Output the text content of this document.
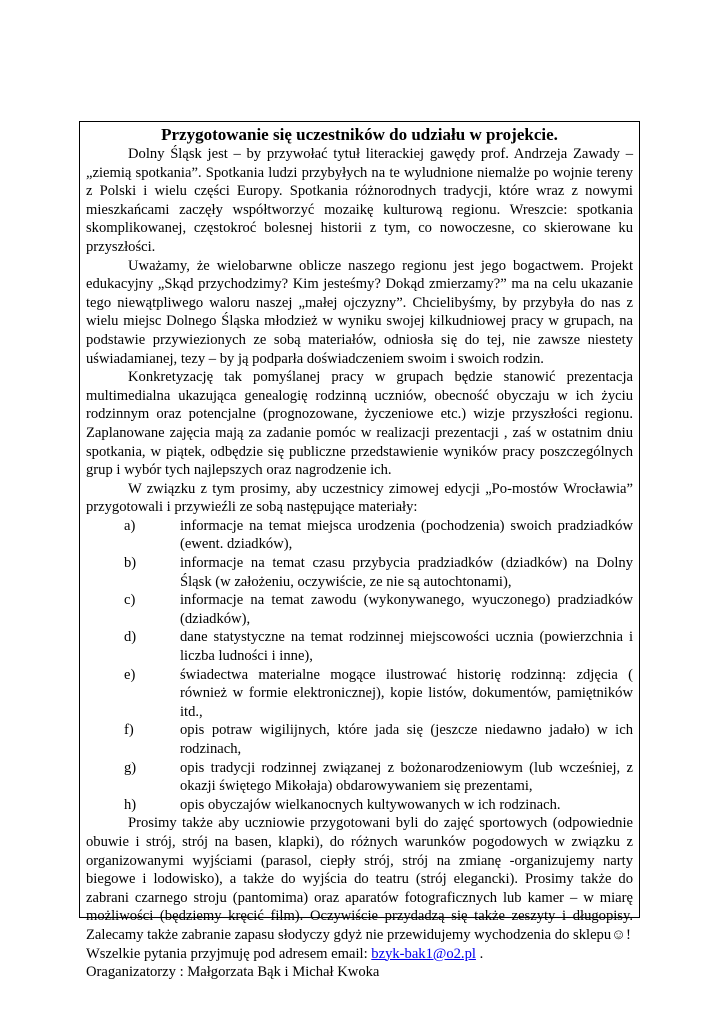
Przygotowanie się uczestników do udziału w projekcie.

Dolny Śląsk jest – by przywołać tytuł literackiej gawędy prof. Andrzeja Zawady – „ziemią spotkania”. Spotkania ludzi przybyłych na te wyludnione niemalże po wojnie tereny z Polski i wielu części Europy. Spotkania różnorodnych tradycji, które wraz z nowymi mieszkańcami zaczęły współtworzyć mozaikę kulturową regionu. Wreszcie: spotkania skomplikowanej, częstokroć bolesnej historii z tym, co nowoczesne, co skierowane ku przyszłości.

Uważamy, że wielobarwne oblicze naszego regionu jest jego bogactwem. Projekt edukacyjny „Skąd przychodzimy? Kim jesteśmy? Dokąd zmierzamy?” ma na celu ukazanie tego niewątpliwego waloru naszej „małej ojczyzny”. Chcielibyśmy, by przybyła do nas z wielu miejsc Dolnego Śląska młodzież w wyniku swojej kilkudniowej pracy w grupach, na podstawie przywiezionych ze sobą materiałów, odniosła się do tej, nie zawsze niestety uświadamianej, tezy – by ją podparła doświadczeniem swoim i swoich rodzin.

Konkretyzację tak pomyślanej pracy w grupach będzie stanowić prezentacja multimedialna ukazująca genealogię rodzinną uczniów, obecność obyczaju w ich życiu rodzinnym oraz potencjalne (prognozowane, życzeniowe etc.) wizje przyszłości regionu. Zaplanowane zajęcia mają za zadanie pomóc w realizacji prezentacji , zaś w ostatnim dniu spotkania, w piątek, odbędzie się publiczne przedstawienie wyników pracy poszczególnych grup i wybór tych najlepszych oraz nagrodzenie ich.

W związku z tym prosimy, aby uczestnicy zimowej edycji „Po-mostów Wrocławia” przygotowali i przywieźli ze sobą następujące materiały:

a)	informacje na temat miejsca urodzenia (pochodzenia) swoich pradziadków (ewent. dziadków),
b)	informacje na temat czasu przybycia pradziadków (dziadków) na Dolny Śląsk (w założeniu, oczywiście, ze nie są autochtonami),
c)	informacje na temat zawodu (wykonywanego, wyuczonego) pradziadków (dziadków),
d)	dane statystyczne na temat rodzinnej miejscowości ucznia (powierzchnia i liczba ludności i inne),
e)	świadectwa materialne mogące ilustrować historię rodzinną: zdjęcia ( również w formie elektronicznej), kopie listów, dokumentów, pamiętników itd.,
f)	opis potraw wigilijnych, które jada się (jeszcze niedawno jadało) w ich rodzinach,
g)	opis tradycji rodzinnej związanej z bożonarodzeniowym (lub wcześniej, z okazji świętego Mikołaja) obdarowywaniem się prezentami,
h)	opis obyczajów wielkanocnych kultywowanych w ich rodzinach.

Prosimy także aby uczniowie przygotowani byli do zajęć sportowych (odpowiednie obuwie i strój, strój na basen, klapki), do różnych warunków pogodowych w związku z organizowanymi wyjściami (parasol, ciepły strój, strój na zmianę -organizujemy narty biegowe i lodowisko), a także do wyjścia do teatru (strój elegancki). Prosimy także do zabrani czarnego stroju (pantomima) oraz aparatów fotograficznych lub kamer – w miarę możliwości (będziemy kręcić film). Oczywiście przydadzą się także zeszyty i długopisy. Zalecamy także zabranie zapasu słodyczy gdyż nie przewidujemy wychodzenia do sklepu☺!

Wszelkie pytania przyjmuję pod adresem email: bzyk-bak1@o2.pl .

Oraganizatorzy : Małgorzata Bąk i Michał Kwoka
